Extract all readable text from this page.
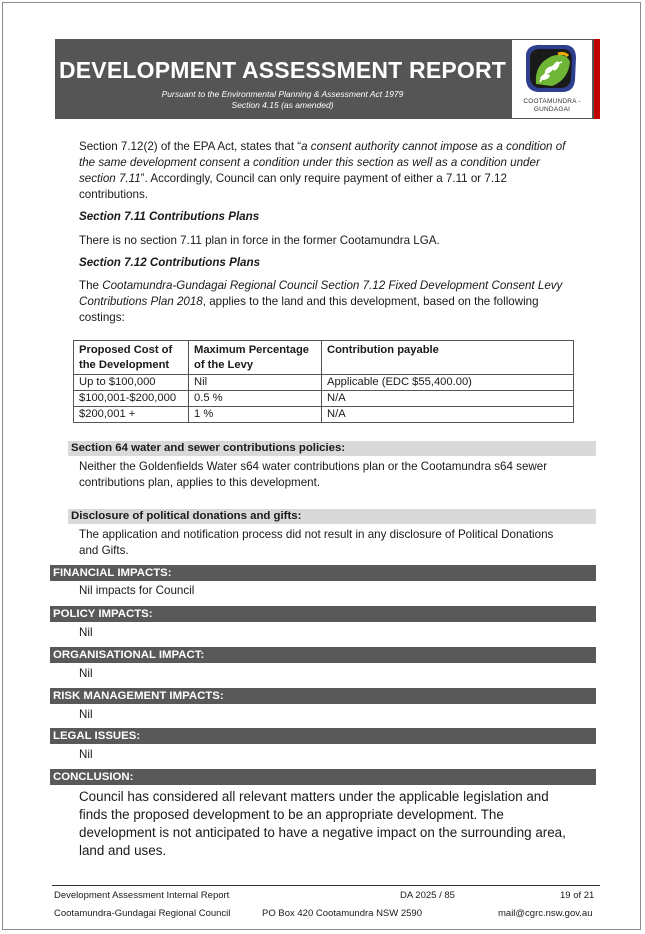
DEVELOPMENT ASSESSMENT REPORT
Pursuant to the Environmental Planning & Assessment Act 1979
Section 4.15 (as amended)	COOTAMUNDRA -
GUNDAGAI
Section 7.12(2) of the EPA Act, states that “a consent authority cannot impose as a condition of the same development consent a condition under this section as well as a condition under section 7.11”. Accordingly, Council can only require payment of either a 7.11 or 7.12 contributions.
Section 7.11 Contributions Plans
There is no section 7.11 plan in force in the former Cootamundra LGA.
Section 7.12 Contributions Plans
The Cootamundra-Gundagai Regional Council Section 7.12 Fixed Development Consent Levy Contributions Plan 2018, applies to the land and this development, based on the following costings:
Proposed Cost of the Development	Maximum Percentage of the Levy	Contribution payable
Up to $100,000	Nil	Applicable (EDC $55,400.00)
$100,001-$200,000	0.5 %	N/A
$200,001 +	1 %	N/A
Section 64 water and sewer contributions policies:
Neither the Goldenfields Water s64 water contributions plan or the Cootamundra s64 sewer contributions plan, applies to this development.
Disclosure of political donations and gifts:
The application and notification process did not result in any disclosure of Political Donations and Gifts.
FINANCIAL IMPACTS:
Nil impacts for Council
POLICY IMPACTS:
Nil
ORGANISATIONAL IMPACT:
Nil
RISK MANAGEMENT IMPACTS:
Nil
LEGAL ISSUES:
Nil
CONCLUSION:
Council has considered all relevant matters under the applicable legislation and finds the proposed development to be an appropriate development. The development is not anticipated to have a negative impact on the surrounding area, land and uses.
Development Assessment Internal Report	DA 2025 / 85	19 of 21
Cootamundra-Gundagai Regional Council	PO Box 420 Cootamundra NSW 2590	mail@cgrc.nsw.gov.au
